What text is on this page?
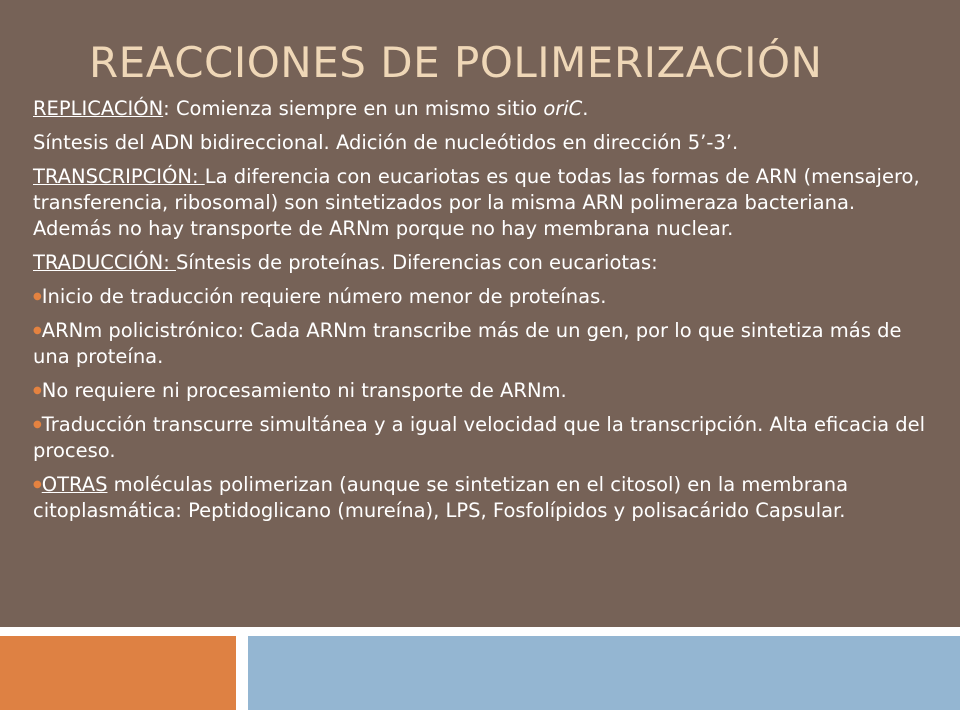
REACCIONES DE POLIMERIZACIÓN

REPLICACIÓN: Comienza siempre en un mismo sitio oriC.

Síntesis del ADN bidireccional. Adición de nucleótidos en dirección 5’-3’.

TRANSCRIPCIÓN: La diferencia con eucariotas es que todas las formas de ARN (mensajero, transferencia, ribosomal) son sintetizados por la misma ARN polimeraza bacteriana. Además no hay transporte de ARNm porque no hay membrana nuclear.

TRADUCCIÓN: Síntesis de proteínas. Diferencias con eucariotas:

●Inicio de traducción requiere número menor de proteínas.

●ARNm policistrónico: Cada ARNm transcribe más de un gen, por lo que sintetiza más de una proteína.

●No requiere ni procesamiento ni transporte de ARNm.

●Traducción transcurre simultánea y a igual velocidad que la transcripción. Alta eficacia del proceso.

●OTRAS moléculas polimerizan (aunque se sintetizan en el citosol) en la membrana citoplasmática: Peptidoglicano (mureína), LPS, Fosfolípidos y polisacárido Capsular.
